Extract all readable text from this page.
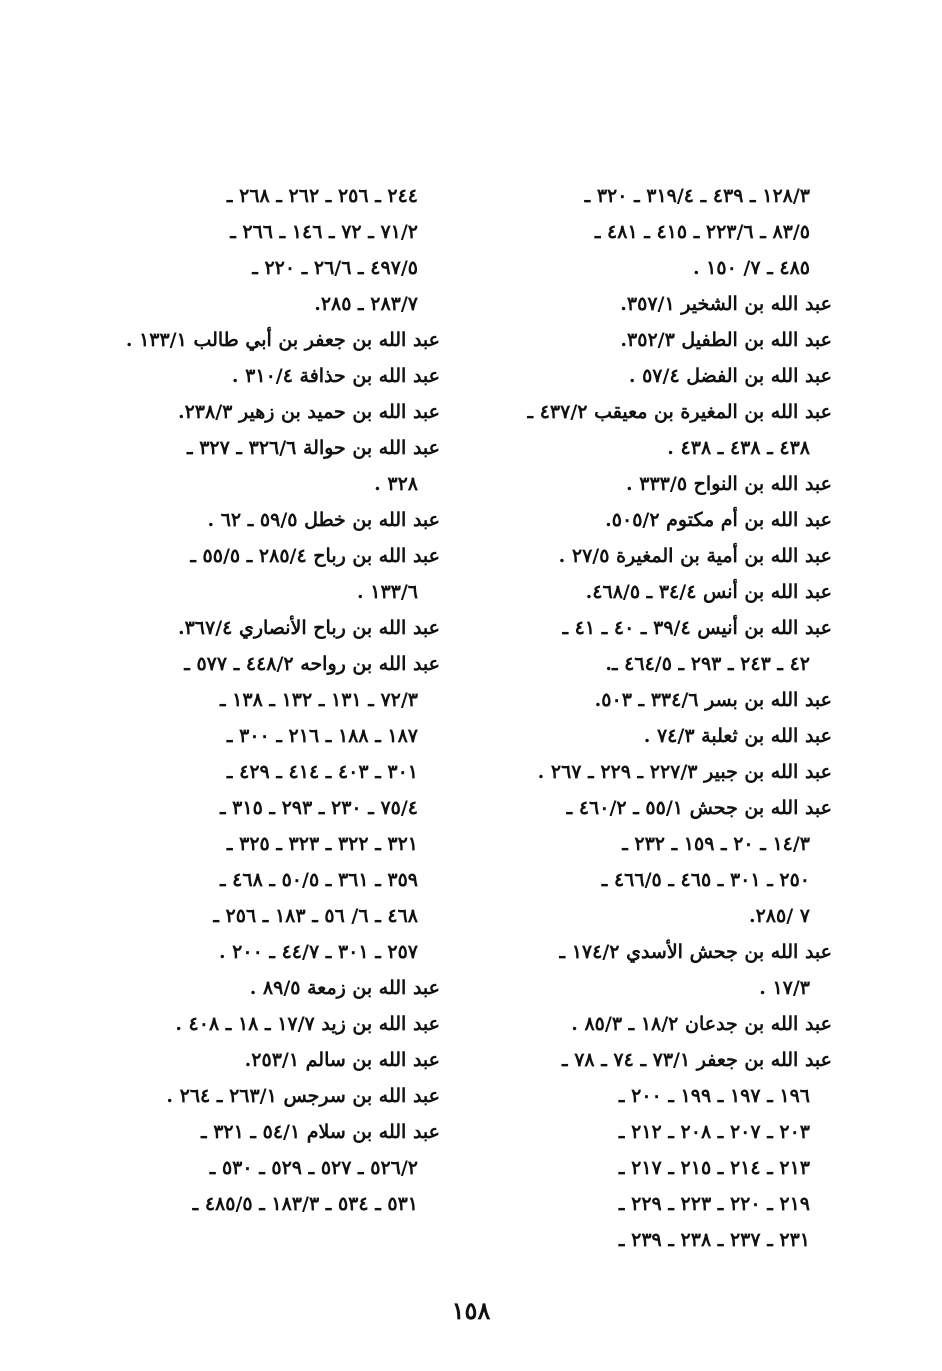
١٢٨/٣ ـ ٤٣٩ ـ ٣١٩/٤ ـ ٣٢٠ ـ
٨٣/٥ ـ ٢٢٣/٦ ـ ٤١٥ ـ ٤٨١ ـ
٤٨٥ ـ ٧/ ١٥٠ .
عبد الله بن الشخير ٣٥٧/١.
عبد الله بن الطفيل ٣٥٢/٣.
عبد الله بن الفضل ٥٧/٤ .
عبد الله بن المغيرة بن معيقب ٤٣٧/٢ ـ
٤٣٨ ـ ٤٣٨ ـ ٤٣٨ .
عبد الله بن النواح ٣٣٣/٥ .
عبد الله بن أم مكتوم ٥٠٥/٢.
عبد الله بن أمية بن المغيرة ٢٧/٥ .
عبد الله بن أنس ٣٤/٤ ـ ٤٦٨/٥.
عبد الله بن أنيس ٣٩/٤ ـ ٤٠ ـ ٤١ ـ
٤٢ ـ ٢٤٣ ـ ٢٩٣ ـ ٤٦٤/٥ ـ.
عبد الله بن بسر ٣٣٤/٦ ـ ٥٠٣.
عبد الله بن ثعلبة ٧٤/٣ .
عبد الله بن جبير ٢٢٧/٣ ـ ٢٢٩ ـ ٢٦٧ .
عبد الله بن جحش ٥٥/١ ـ ٤٦٠/٢ ـ
١٤/٣ ـ ٢٠ ـ ١٥٩ ـ ٢٣٢ ـ
٢٥٠ ـ ٣٠١ ـ ٤٦٥ ـ ٤٦٦/٥ ـ
٧ /٢٨٥.
عبد الله بن جحش الأسدي ١٧٤/٢ ـ
١٧/٣ .
عبد الله بن جدعان ١٨/٢ ـ ٨٥/٣ .
عبد الله بن جعفر ٧٣/١ ـ ٧٤ ـ ٧٨ ـ
١٩٦ ـ ١٩٧ ـ ١٩٩ ـ ٢٠٠ ـ
٢٠٣ ـ ٢٠٧ ـ ٢٠٨ ـ ٢١٢ ـ
٢١٣ ـ ٢١٤ ـ ٢١٥ ـ ٢١٧ ـ
٢١٩ ـ ٢٢٠ ـ ٢٢٣ ـ ٢٢٩ ـ
٢٣١ ـ ٢٣٧ ـ ٢٣٨ ـ ٢٣٩ ـ
٢٤٤ ـ ٢٥٦ ـ ٢٦٢ ـ ٢٦٨ ـ
٧١/٢ ـ ٧٢ ـ ١٤٦ ـ ٢٦٦ ـ
٤٩٧/٥ ـ ٢٦/٦ ـ ٢٢٠ ـ
٢٨٣/٧ ـ ٢٨٥.
عبد الله بن جعفر بن أبي طالب ١٣٣/١ .
عبد الله بن حذافة ٣١٠/٤ .
عبد الله بن حميد بن زهير ٢٣٨/٣.
عبد الله بن حوالة ٣٢٦/٦ ـ ٣٢٧ ـ
٣٢٨ .
عبد الله بن خطل ٥٩/٥ ـ ٦٢ .
عبد الله بن رباح ٢٨٥/٤ ـ ٥٥/٥ ـ
١٣٣/٦ .
عبد الله بن رباح الأنصاري ٣٦٧/٤.
عبد الله بن رواحه ٤٤٨/٢ ـ ٥٧٧ ـ
٧٢/٣ ـ ١٣١ ـ ١٣٢ ـ ١٣٨ ـ
١٨٧ ـ ١٨٨ ـ ٢١٦ ـ ٣٠٠ ـ
٣٠١ ـ ٤٠٣ ـ ٤١٤ ـ ٤٢٩ ـ
٧٥/٤ ـ ٢٣٠ ـ ٢٩٣ ـ ٣١٥ ـ
٣٢١ ـ ٣٢٢ ـ ٣٢٣ ـ ٣٢٥ ـ
٣٥٩ ـ ٣٦١ ـ ٥٠/٥ ـ ٤٦٨ ـ
٤٦٨ ـ ٦/ ٥٦ ـ ١٨٣ ـ ٢٥٦ ـ
٢٥٧ ـ ٣٠١ ـ ٤٤/٧ ـ ٢٠٠ .
عبد الله بن زمعة ٨٩/٥ .
عبد الله بن زيد ١٧/٧ ـ ١٨ ـ ٤٠٨ .
عبد الله بن سالم ٢٥٣/١.
عبد الله بن سرجس ٢٦٣/١ ـ ٢٦٤ .
عبد الله بن سلام ٥٤/١ ـ ٣٢١ ـ
٥٢٦/٢ ـ ٥٢٧ ـ ٥٢٩ ـ ٥٣٠ ـ
٥٣١ ـ ٥٣٤ ـ ١٨٣/٣ ـ ٤٨٥/٥ ـ
١٥٨
